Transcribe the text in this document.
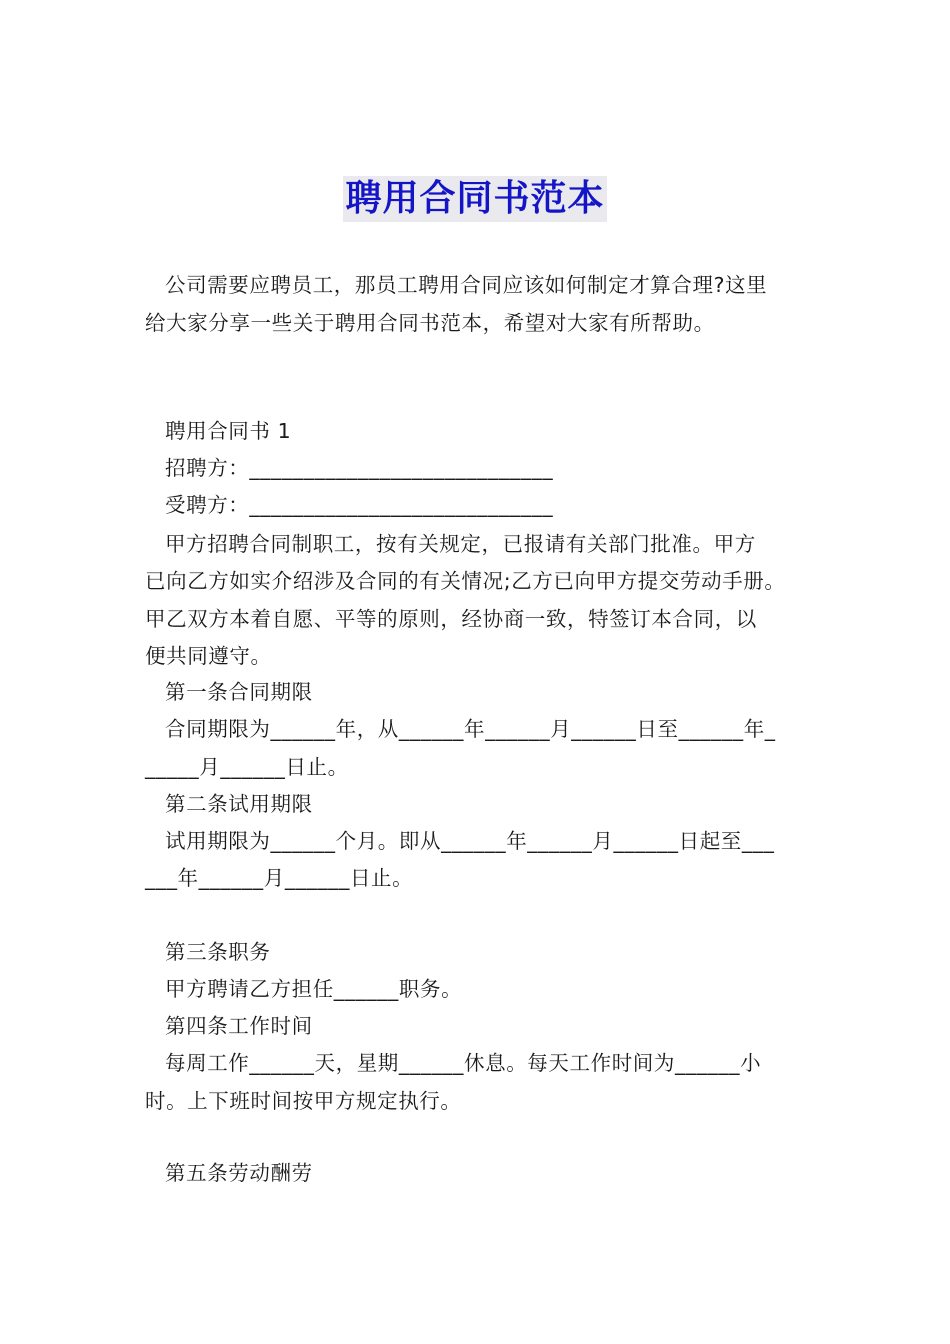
聘用合同书范本
公司需要应聘员工，那员工聘用合同应该如何制定才算合理?这里
给大家分享一些关于聘用合同书范本，希望对大家有所帮助。
聘用合同书 1
招聘方：____________________________
受聘方：____________________________
甲方招聘合同制职工，按有关规定，已报请有关部门批准。甲方
已向乙方如实介绍涉及合同的有关情况;乙方已向甲方提交劳动手册。
甲乙双方本着自愿、平等的原则，经协商一致，特签订本合同，以
便共同遵守。
第一条合同期限
合同期限为______年，从______年______月______日至______年_
_____月______日止。
第二条试用期限
试用期限为______个月。即从______年______月______日起至___
___年______月______日止。
第三条职务
甲方聘请乙方担任______职务。
第四条工作时间
每周工作______天，星期______休息。每天工作时间为______小
时。上下班时间按甲方规定执行。
第五条劳动酬劳
